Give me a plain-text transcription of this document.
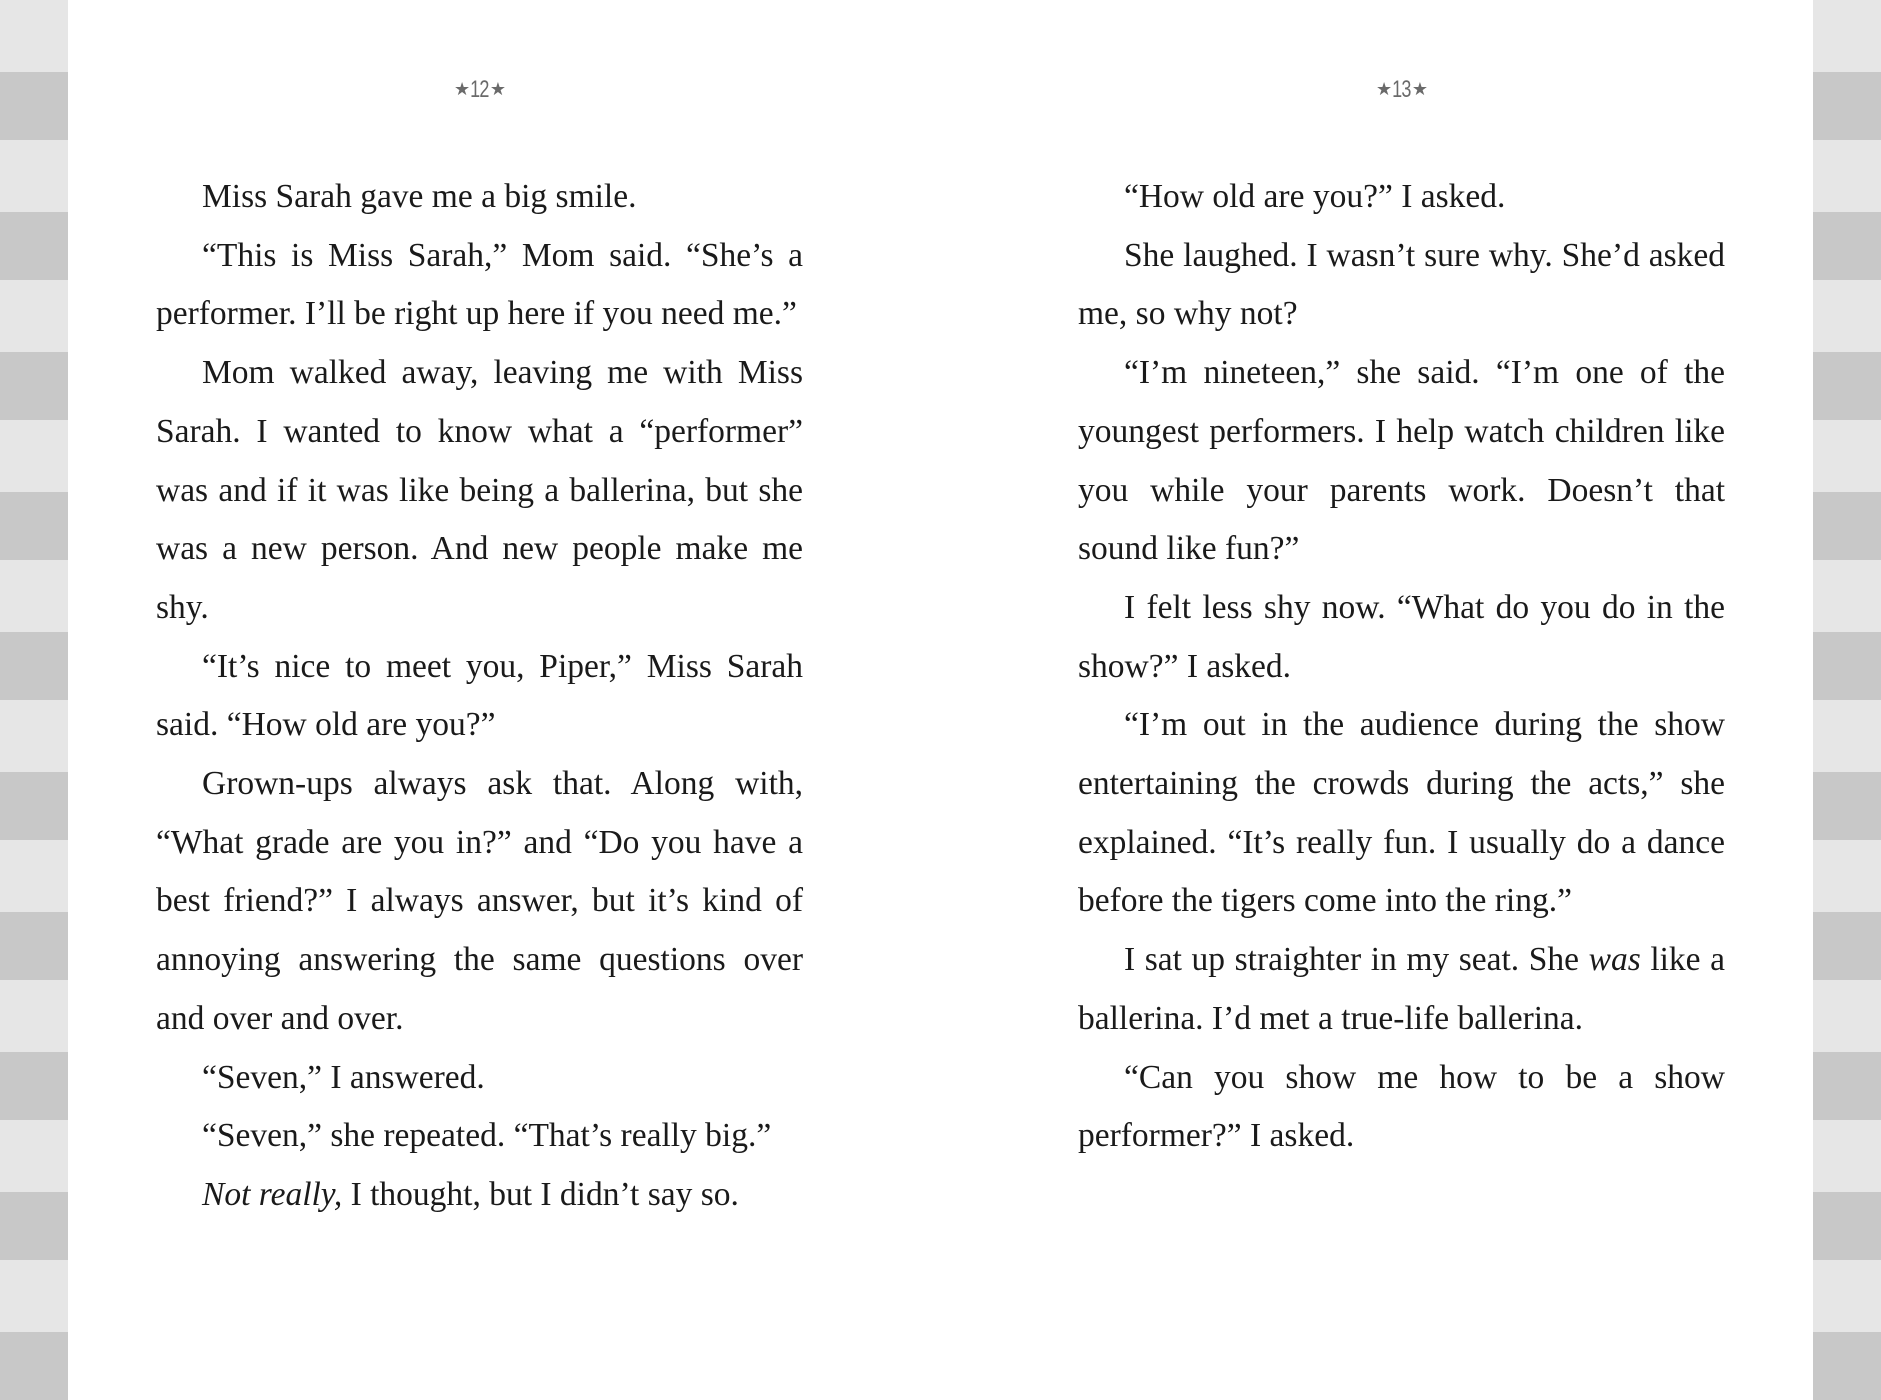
★12★

Miss Sarah gave me a big smile.

“This is Miss Sarah,” Mom said. “She’s a performer. I’ll be right up here if you need me.”

Mom walked away, leaving me with Miss Sarah. I wanted to know what a “performer” was and if it was like being a ballerina, but she was a new person. And new people make me shy.

“It’s nice to meet you, Piper,” Miss Sarah said. “How old are you?”

Grown-ups always ask that. Along with, “What grade are you in?” and “Do you have a best friend?” I always answer, but it’s kind of annoying answering the same questions over and over and over.

“Seven,” I answered.

“Seven,” she repeated. “That’s really big.”

Not really, I thought, but I didn’t say so.

★13★

“How old are you?” I asked.

She laughed. I wasn’t sure why. She’d asked me, so why not?

“I’m nineteen,” she said. “I’m one of the youngest performers. I help watch children like you while your parents work. Doesn’t that sound like fun?”

I felt less shy now. “What do you do in the show?” I asked.

“I’m out in the audience during the show entertaining the crowds during the acts,” she explained. “It’s really fun. I usually do a dance before the tigers come into the ring.”

I sat up straighter in my seat. She was like a ballerina. I’d met a true-life ballerina.

“Can you show me how to be a show performer?” I asked.
